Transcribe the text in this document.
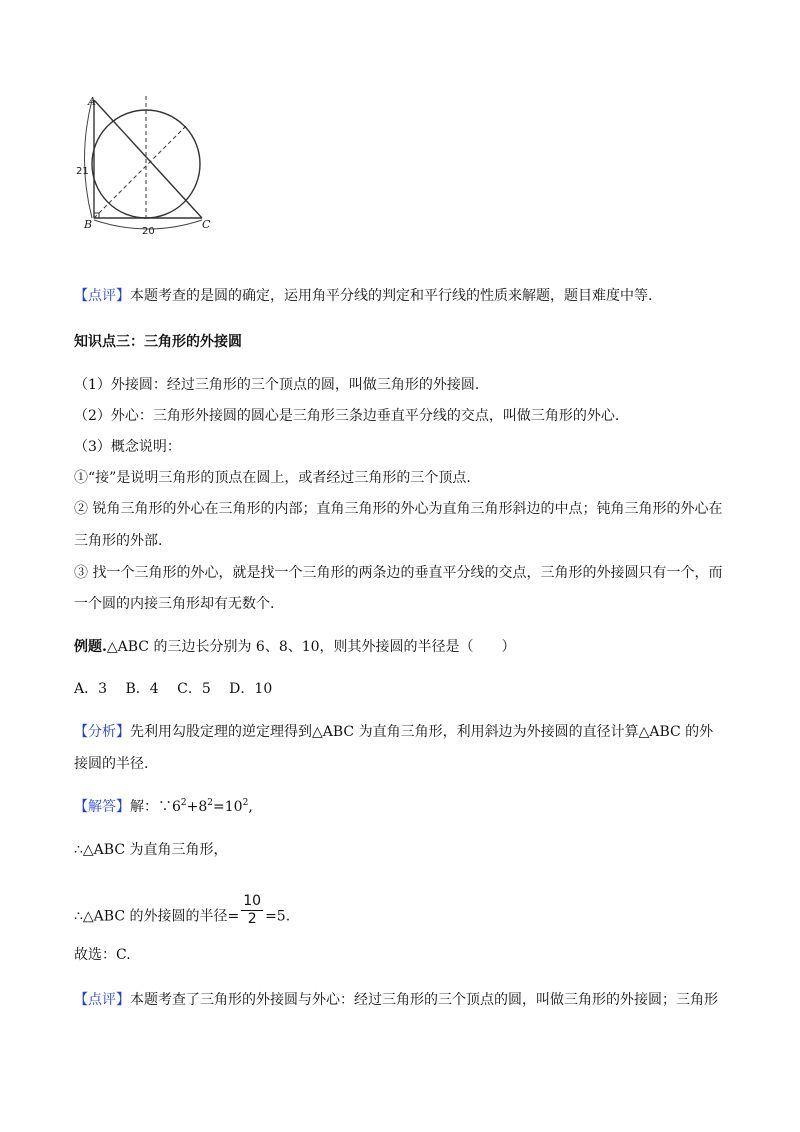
A
B	C
21
20
【点评】本题考查的是圆的确定，运用角平分线的判定和平行线的性质来解题，题目难度中等.
知识点三：三角形的外接圆
（1）外接圆：经过三角形的三个顶点的圆，叫做三角形的外接圆.
（2）外心：三角形外接圆的圆心是三角形三条边垂直平分线的交点，叫做三角形的外心.
（3）概念说明：
①“接”是说明三角形的顶点在圆上，或者经过三角形的三个顶点.
② 锐角三角形的外心在三角形的内部；直角三角形的外心为直角三角形斜边的中点；钝角三角形的外心在
三角形的外部.
③ 找一个三角形的外心，就是找一个三角形的两条边的垂直平分线的交点，三角形的外接圆只有一个，而
一个圆的内接三角形却有无数个.
例题.△ABC 的三边长分别为 6、8、10，则其外接圆的半径是（　　）
A．3　 B．4　 C．5　 D．10
【分析】先利用勾股定理的逆定理得到△ABC 为直角三角形，利用斜边为外接圆的直径计算△ABC 的外
接圆的半径.
【解答】解：$\because 6^2+8^2=10^2$,
∴△ABC 为直角三角形，
∴△ABC 的外接圆的半径= $\frac{10}{2} =5$.
故选：C.
【点评】本题考查了三角形的外接圆与外心：经过三角形的三个顶点的圆，叫做三角形的外接圆；三角形
